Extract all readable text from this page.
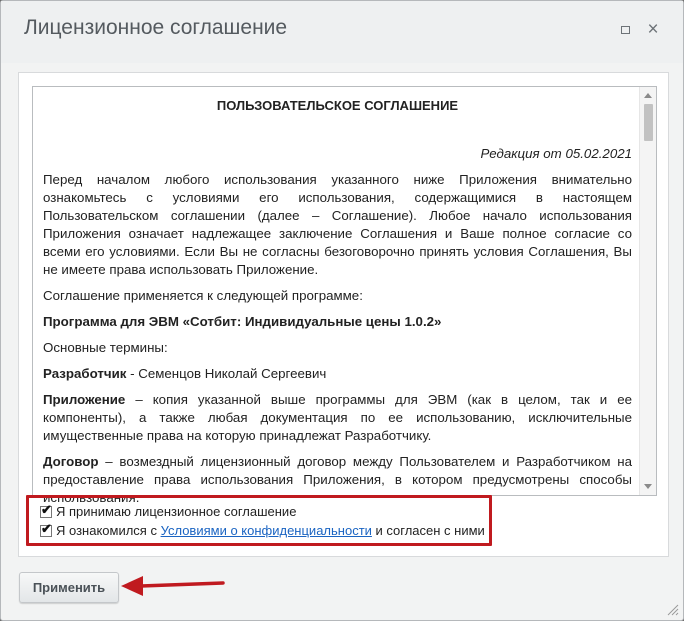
Лицензионное соглашение	×
ПОЛЬЗОВАТЕЛЬСКОЕ СОГЛАШЕНИЕ
Редакция от 05.02.2021

Перед началом любого использования указанного ниже Приложения внимательно ознакомьтесь с условиями его использования, содержащимися в настоящем Пользовательском соглашении (далее – Соглашение). Любое начало использования Приложения означает надлежащее заключение Соглашения и Ваше полное согласие со всеми его условиями. Если Вы не согласны безоговорочно принять условия Соглашения, Вы не имеете права использовать Приложение.

Соглашение применяется к следующей программе:

Программа для ЭВМ «Сотбит: Индивидуальные цены 1.0.2»

Основные термины:

Разработчик - Семенцов Николай Сергеевич

Приложение – копия указанной выше программы для ЭВМ (как в целом, так и ее компоненты), а также любая документация по ее использованию, исключительные имущественные права на которую принадлежат Разработчику.

Договор – возмездный лицензионный договор между Пользователем и Разработчиком на предоставление права использования Приложения, в котором предусмотрены способы использования.

✔ Я принимаю лицензионное соглашение
✔ Я ознакомился с Условиями о конфиденциальности и согласен с ними
Применить
